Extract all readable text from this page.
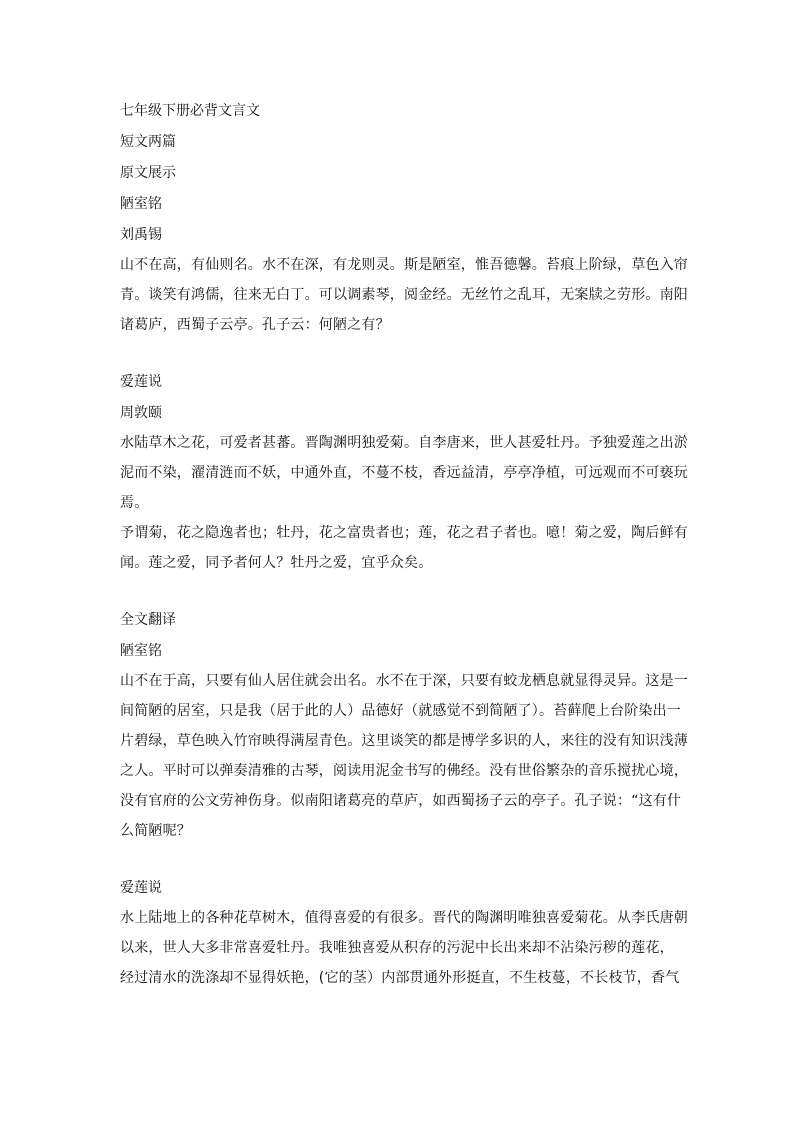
七年级下册必背文言文
短文两篇
原文展示
陋室铭
刘禹锡
山不在高，有仙则名。水不在深，有龙则灵。斯是陋室，惟吾德馨。苔痕上阶绿，草色入帘
青。谈笑有鸿儒，往来无白丁。可以调素琴，阅金经。无丝竹之乱耳，无案牍之劳形。南阳
诸葛庐，西蜀子云亭。孔子云：何陋之有？
爱莲说
周敦颐
水陆草木之花，可爱者甚蕃。晋陶渊明独爱菊。自李唐来，世人甚爱牡丹。予独爱莲之出淤
泥而不染，濯清涟而不妖，中通外直，不蔓不枝，香远益清，亭亭净植，可远观而不可亵玩
焉。
予谓菊，花之隐逸者也；牡丹，花之富贵者也；莲，花之君子者也。噫！菊之爱，陶后鲜有
闻。莲之爱，同予者何人？牡丹之爱，宜乎众矣。
全文翻译
陋室铭
山不在于高，只要有仙人居住就会出名。水不在于深，只要有蛟龙栖息就显得灵异。这是一
间简陋的居室，只是我（居于此的人）品德好（就感觉不到简陋了）。苔藓爬上台阶染出一
片碧绿，草色映入竹帘映得满屋青色。这里谈笑的都是博学多识的人，来往的没有知识浅薄
之人。平时可以弹奏清雅的古琴，阅读用泥金书写的佛经。没有世俗繁杂的音乐搅扰心境，
没有官府的公文劳神伤身。似南阳诸葛亮的草庐，如西蜀扬子云的亭子。孔子说：“这有什
么简陋呢？
爱莲说
水上陆地上的各种花草树木，值得喜爱的有很多。晋代的陶渊明唯独喜爱菊花。从李氏唐朝
以来，世人大多非常喜爱牡丹。我唯独喜爱从积存的污泥中长出来却不沾染污秽的莲花，
经过清水的洗涤却不显得妖艳，(它的茎）内部贯通外形挺直，不生枝蔓，不长枝节，香气
